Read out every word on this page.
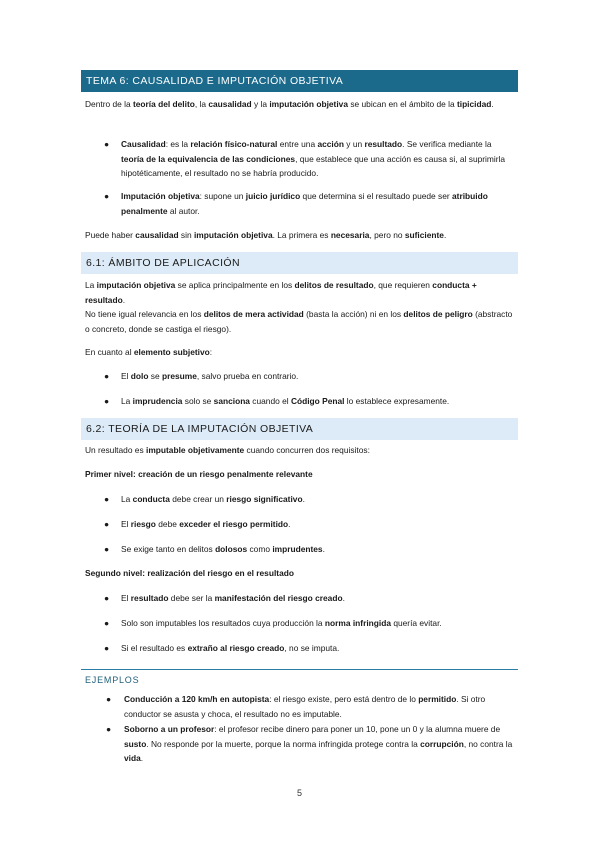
TEMA 6: CAUSALIDAD E IMPUTACIÓN OBJETIVA
Dentro de la teoría del delito, la causalidad y la imputación objetiva se ubican en el ámbito de la tipicidad.
● Causalidad: es la relación físico-natural entre una acción y un resultado. Se verifica mediante la teoría de la equivalencia de las condiciones, que establece que una acción es causa si, al suprimirla hipotéticamente, el resultado no se habría producido.
● Imputación objetiva: supone un juicio jurídico que determina si el resultado puede ser atribuido penalmente al autor.
Puede haber causalidad sin imputación objetiva. La primera es necesaria, pero no suficiente.
6.1: ÁMBITO DE APLICACIÓN
La imputación objetiva se aplica principalmente en los delitos de resultado, que requieren conducta + resultado.
No tiene igual relevancia en los delitos de mera actividad (basta la acción) ni en los delitos de peligro (abstracto o concreto, donde se castiga el riesgo).
En cuanto al elemento subjetivo:
● El dolo se presume, salvo prueba en contrario.
● La imprudencia solo se sanciona cuando el Código Penal lo establece expresamente.
6.2: TEORÍA DE LA IMPUTACIÓN OBJETIVA
Un resultado es imputable objetivamente cuando concurren dos requisitos:
Primer nivel: creación de un riesgo penalmente relevante
● La conducta debe crear un riesgo significativo.
● El riesgo debe exceder el riesgo permitido.
● Se exige tanto en delitos dolosos como imprudentes.
Segundo nivel: realización del riesgo en el resultado
● El resultado debe ser la manifestación del riesgo creado.
● Solo son imputables los resultados cuya producción la norma infringida quería evitar.
● Si el resultado es extraño al riesgo creado, no se imputa.
EJEMPLOS
● Conducción a 120 km/h en autopista: el riesgo existe, pero está dentro de lo permitido. Si otro conductor se asusta y choca, el resultado no es imputable.
● Soborno a un profesor: el profesor recibe dinero para poner un 10, pone un 0 y la alumna muere de susto. No responde por la muerte, porque la norma infringida protege contra la corrupción, no contra la vida.
5
